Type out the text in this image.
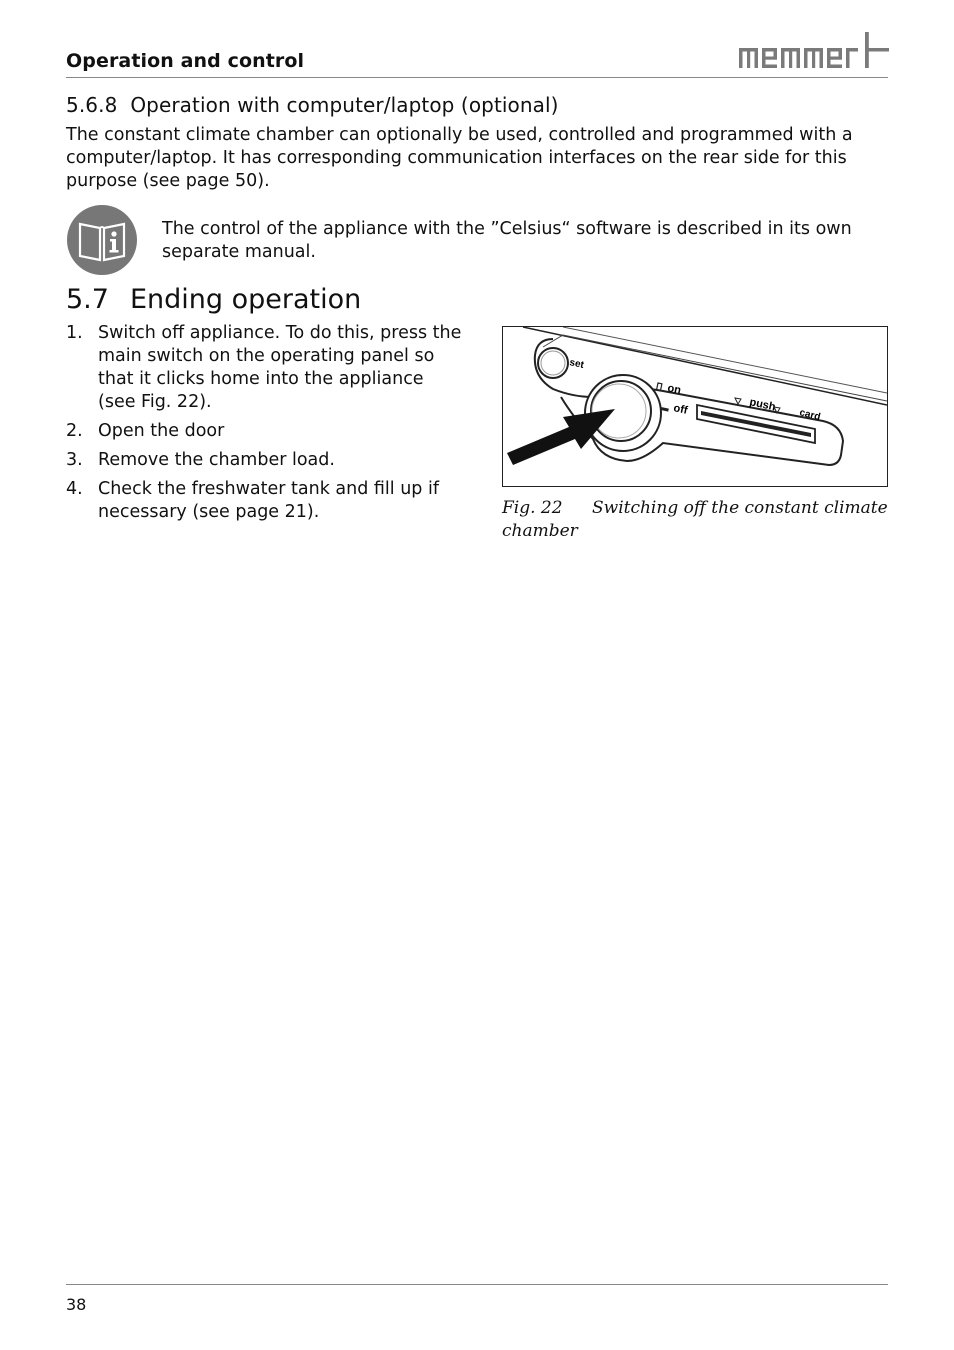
Operation and control
5.6.8 Operation with computer/laptop (optional)
The constant climate chamber can optionally be used, controlled and programmed with a computer/laptop. It has corresponding communication interfaces on the rear side for this purpose (see page 50).
The control of the appliance with the ”Celsius“ software is described in its own separate manual.
5.7 Ending operation
1. Switch off appliance. To do this, press the main switch on the operating panel so that it clicks home into the appliance (see Fig. 22).
2. Open the door
3. Remove the chamber load.
4. Check the freshwater tank and fill up if necessary (see page 21).
set
on
off	push
card
Fig. 22 Switching off the constant climate chamber
38
